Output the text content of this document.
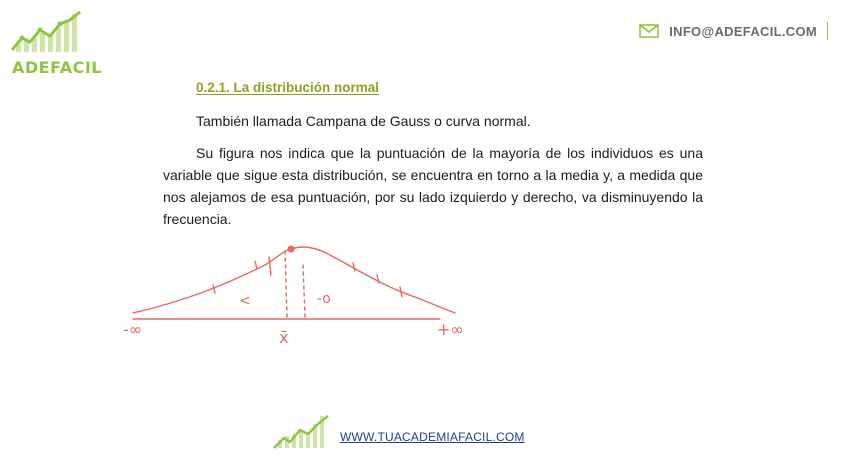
ADEFACIL
INFO@ADEFACIL.COM
0.2.1. La distribución normal
También llamada Campana de Gauss o curva normal.
Su figura nos indica que la puntuación de la mayoría de los individuos es una variable que sigue esta distribución, se encuentra en torno a la media y, a medida que nos alejamos de esa puntuación, por su lado izquierdo y derecho, va disminuyendo la frecuencia.
-∞	+∞
x̄
<	-o
WWW.TUACADEMIAFACIL.COM
